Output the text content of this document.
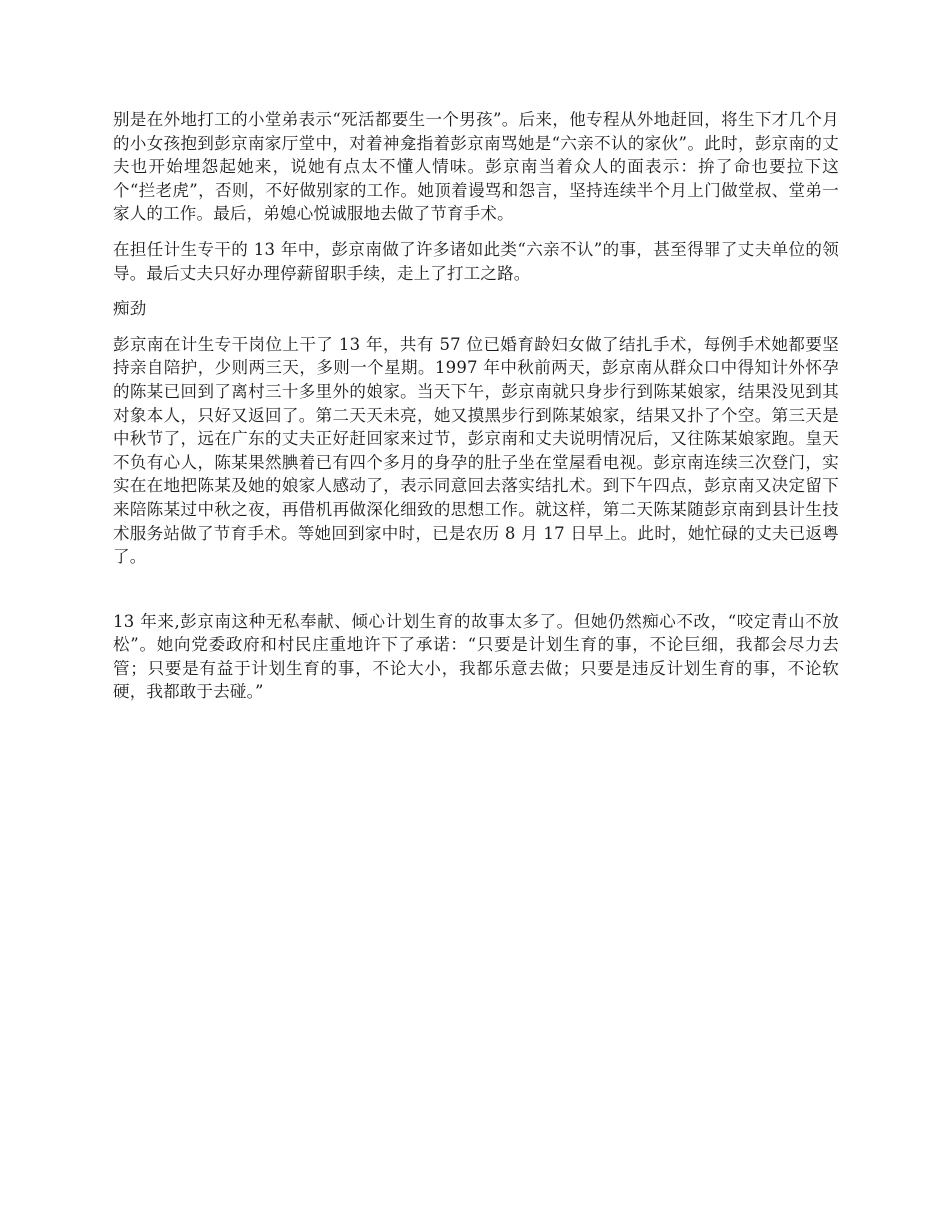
别是在外地打工的小堂弟表示“死活都要生一个男孩”。后来，他专程从外地赶回，将生下才几个月的小女孩抱到彭京南家厅堂中，对着神龛指着彭京南骂她是“六亲不认的家伙”。此时，彭京南的丈夫也开始埋怨起她来，说她有点太不懂人情味。彭京南当着众人的面表示：拚了命也要拉下这个“拦老虎”，否则，不好做别家的工作。她顶着谩骂和怨言，坚持连续半个月上门做堂叔、堂弟一家人的工作。最后，弟媳心悦诚服地去做了节育手术。

在担任计生专干的 13 年中，彭京南做了许多诸如此类“六亲不认”的事，甚至得罪了丈夫单位的领导。最后丈夫只好办理停薪留职手续，走上了打工之路。

痴劲

彭京南在计生专干岗位上干了 13 年，共有 57 位已婚育龄妇女做了结扎手术，每例手术她都要坚持亲自陪护，少则两三天，多则一个星期。1997 年中秋前两天，彭京南从群众口中得知计外怀孕的陈某已回到了离村三十多里外的娘家。当天下午，彭京南就只身步行到陈某娘家，结果没见到其对象本人，只好又返回了。第二天天未亮，她又摸黑步行到陈某娘家，结果又扑了个空。第三天是中秋节了，远在广东的丈夫正好赶回家来过节，彭京南和丈夫说明情况后，又往陈某娘家跑。皇天不负有心人，陈某果然腆着已有四个多月的身孕的肚子坐在堂屋看电视。彭京南连续三次登门，实实在在地把陈某及她的娘家人感动了，表示同意回去落实结扎术。到下午四点，彭京南又决定留下来陪陈某过中秋之夜，再借机再做深化细致的思想工作。就这样，第二天陈某随彭京南到县计生技术服务站做了节育手术。等她回到家中时，已是农历 8 月 17 日早上。此时，她忙碌的丈夫已返粤了。

13 年来,彭京南这种无私奉献、倾心计划生育的故事太多了。但她仍然痴心不改，“咬定青山不放松”。她向党委政府和村民庄重地许下了承诺：“只要是计划生育的事，不论巨细，我都会尽力去管；只要是有益于计划生育的事，不论大小，我都乐意去做；只要是违反计划生育的事，不论软硬，我都敢于去碰。”
